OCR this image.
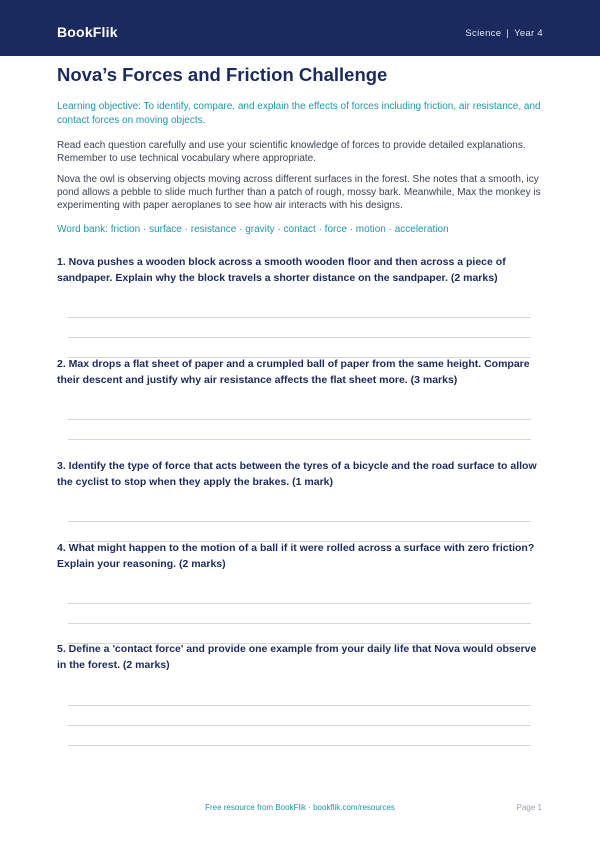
BookFlik	Science | Year 4
Nova’s Forces and Friction Challenge
Learning objective: To identify, compare, and explain the effects of forces including friction, air resistance, and contact forces on moving objects.
Read each question carefully and use your scientific knowledge of forces to provide detailed explanations. Remember to use technical vocabulary where appropriate.
Nova the owl is observing objects moving across different surfaces in the forest. She notes that a smooth, icy pond allows a pebble to slide much further than a patch of rough, mossy bark. Meanwhile, Max the monkey is experimenting with paper aeroplanes to see how air interacts with his designs.
Word bank: friction · surface · resistance · gravity · contact · force · motion · acceleration
1. Nova pushes a wooden block across a smooth wooden floor and then across a piece of sandpaper. Explain why the block travels a shorter distance on the sandpaper. (2 marks)
2. Max drops a flat sheet of paper and a crumpled ball of paper from the same height. Compare their descent and justify why air resistance affects the flat sheet more. (3 marks)
3. Identify the type of force that acts between the tyres of a bicycle and the road surface to allow the cyclist to stop when they apply the brakes. (1 mark)
4. What might happen to the motion of a ball if it were rolled across a surface with zero friction? Explain your reasoning. (2 marks)
5. Define a 'contact force' and provide one example from your daily life that Nova would observe in the forest. (2 marks)
Free resource from BookFlik · bookflik.com/resources	Page 1
